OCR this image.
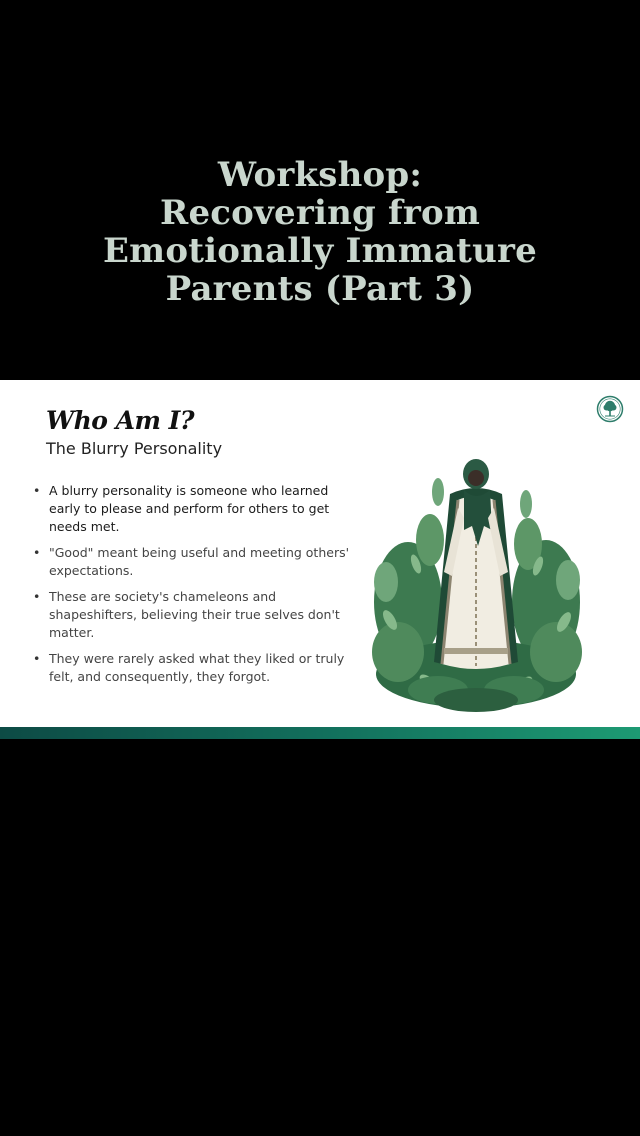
Workshop:
Recovering from
Emotionally Immature
Parents (Part 3)
Who Am I?
The Blurry Personality
• A blurry personality is someone who learned early to please and perform for others to get needs met.
• "Good" meant being useful and meeting others' expectations.
• These are society's chameleons and shapeshifters, believing their true selves don't matter.
• They were rarely asked what they liked or truly felt, and consequently, they forgot.
